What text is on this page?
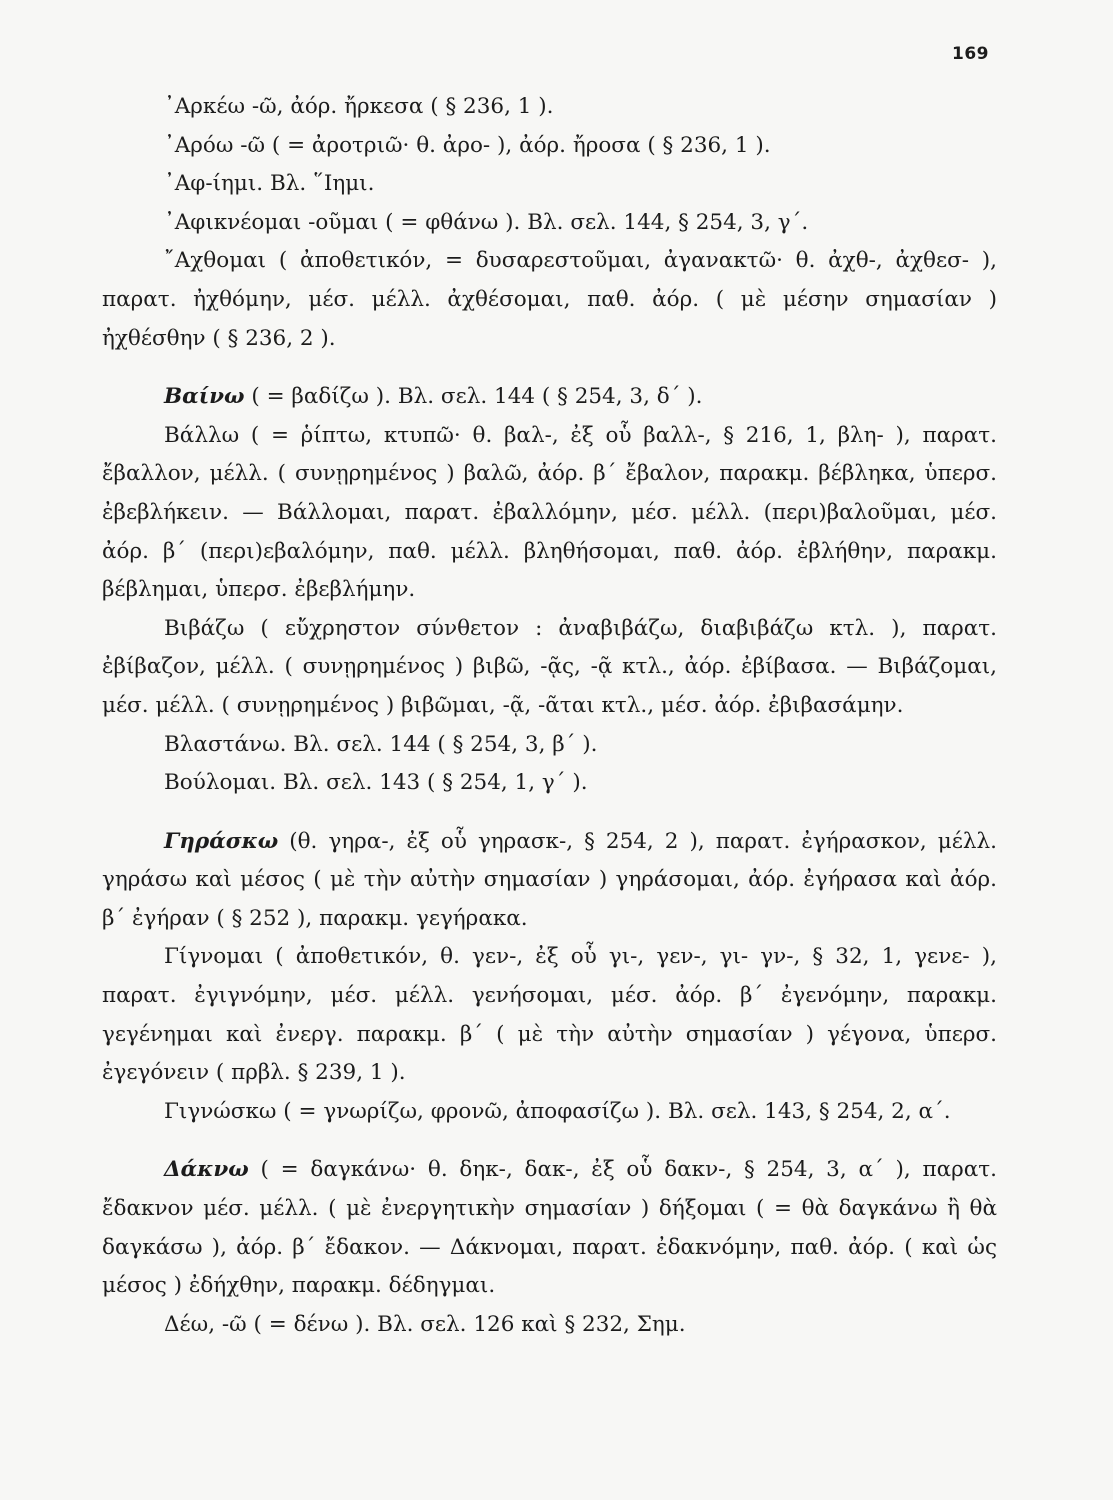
169
᾿Αρκέω -ῶ, ἀόρ. ἤρκεσα ( § 236, 1 ).
᾿Αρόω -ῶ ( = ἀροτριῶ· θ. ἀρο- ), ἀόρ. ἤροσα ( § 236, 1 ).
᾿Αφ-ίημι. Βλ. ῞Ιημι.
᾿Αφικνέομαι -οῦμαι ( = φθάνω ). Βλ. σελ. 144, § 254, 3, γ΄.
῎Αχθομαι ( ἀποθετικόν, = δυσαρεστοῦμαι, ἀγανακτῶ· θ. ἀχθ-, ἀχθεσ- ), παρατ. ἠχθόμην, μέσ. μέλλ. ἀχθέσομαι, παθ. ἀόρ. ( μὲ μέσην σημασίαν ) ἠχθέσθην ( § 236, 2 ).
Βαίνω ( = βαδίζω ). Βλ. σελ. 144 ( § 254, 3, δ΄ ).
Βάλλω ( = ῥίπτω, κτυπῶ· θ. βαλ-, ἐξ οὗ βαλλ-, § 216, 1, βλη- ), παρατ. ἔβαλλον, μέλλ. ( συνῃρημένος ) βαλῶ, ἀόρ. β΄ ἔβαλον, παρακμ. βέβληκα, ὑπερσ. ἐβεβλήκειν. — Βάλλομαι, παρατ. ἐβαλλόμην, μέσ. μέλλ. (περι)βαλοῦμαι, μέσ. ἀόρ. β΄ (περι)εβαλόμην, παθ. μέλλ. βληθήσομαι, παθ. ἀόρ. ἐβλήθην, παρακμ. βέβλημαι, ὑπερσ. ἐβεβλήμην.
Βιβάζω ( εὔχρηστον σύνθετον : ἀναβιβάζω, διαβιβάζω κτλ. ), παρατ. ἐβίβαζον, μέλλ. ( συνῃρημένος ) βιβῶ, -ᾷς, -ᾷ κτλ., ἀόρ. ἐβίβασα. — Βιβάζομαι, μέσ. μέλλ. ( συνῃρημένος ) βιβῶμαι, -ᾷ, -ᾶται κτλ., μέσ. ἀόρ. ἐβιβασάμην.
Βλαστάνω. Βλ. σελ. 144 ( § 254, 3, β΄ ).
Βούλομαι. Βλ. σελ. 143 ( § 254, 1, γ΄ ).
Γηράσκω (θ. γηρα-, ἐξ οὗ γηρασκ-, § 254, 2 ), παρατ. ἐγήρασκον, μέλλ. γηράσω καὶ μέσος ( μὲ τὴν αὐτὴν σημασίαν ) γηράσομαι, ἀόρ. ἐγήρασα καὶ ἀόρ. β΄ ἐγήραν ( § 252 ), παρακμ. γεγήρακα.
Γίγνομαι ( ἀποθετικόν, θ. γεν-, ἐξ οὗ γι-, γεν-, γι- γν-, § 32, 1, γενε- ), παρατ. ἐγιγνόμην, μέσ. μέλλ. γενήσομαι, μέσ. ἀόρ. β΄ ἐγενόμην, παρακμ. γεγένημαι καὶ ἐνεργ. παρακμ. β΄ ( μὲ τὴν αὐτὴν σημασίαν ) γέγονα, ὑπερσ. ἐγεγόνειν ( πρβλ. § 239, 1 ).
Γιγνώσκω ( = γνωρίζω, φρονῶ, ἀποφασίζω ). Βλ. σελ. 143, § 254, 2, α΄.
Δάκνω ( = δαγκάνω· θ. δηκ-, δακ-, ἐξ οὗ δακν-, § 254, 3, α΄ ), παρατ. ἔδακνον μέσ. μέλλ. ( μὲ ἐνεργητικὴν σημασίαν ) δήξομαι ( = θὰ δαγκάνω ἢ θὰ δαγκάσω ), ἀόρ. β΄ ἔδακον. — Δάκνομαι, παρατ. ἐδακνόμην, παθ. ἀόρ. ( καὶ ὡς μέσος ) ἐδήχθην, παρακμ. δέδηγμαι.
Δέω, -ῶ ( = δένω ). Βλ. σελ. 126 καὶ § 232, Σημ.
